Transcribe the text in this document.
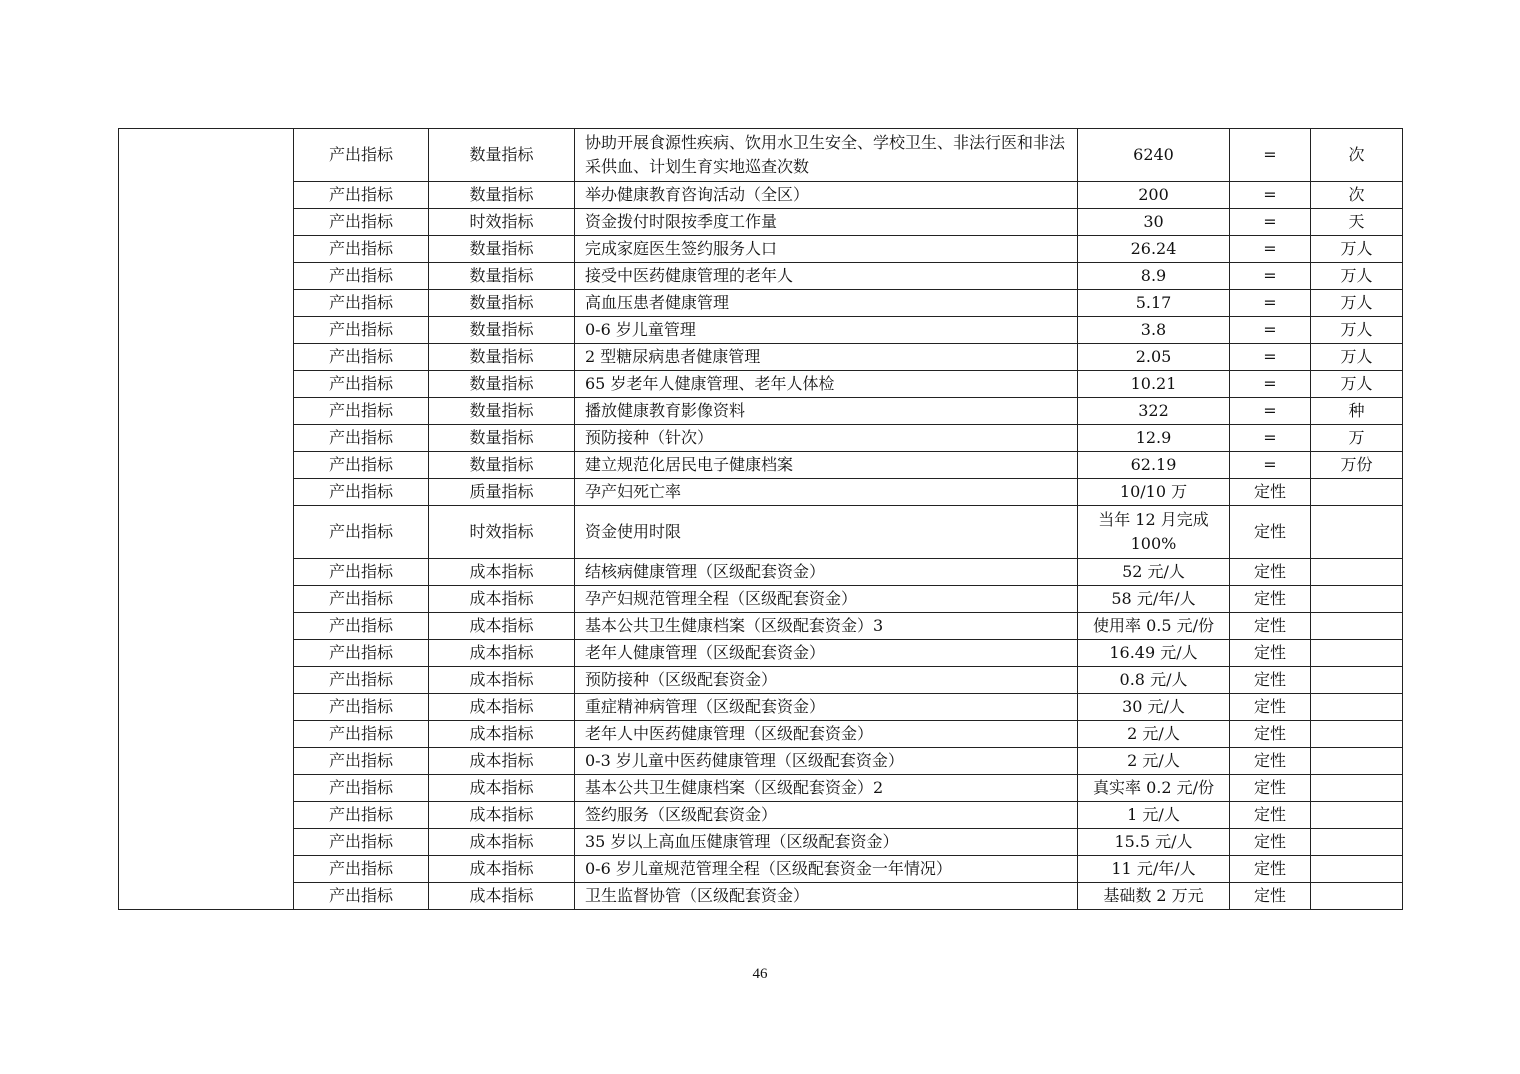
	产出指标	数量指标	协助开展食源性疾病、饮用水卫生安全、学校卫生、非法行医和非法采供血、计划生育实地巡查次数	6240	=	次
	产出指标	数量指标	举办健康教育咨询活动（全区）	200	=	次
	产出指标	时效指标	资金拨付时限按季度工作量	30	=	天
	产出指标	数量指标	完成家庭医生签约服务人口	26.24	=	万人
	产出指标	数量指标	接受中医药健康管理的老年人	8.9	=	万人
	产出指标	数量指标	高血压患者健康管理	5.17	=	万人
	产出指标	数量指标	0-6 岁儿童管理	3.8	=	万人
	产出指标	数量指标	2 型糖尿病患者健康管理	2.05	=	万人
	产出指标	数量指标	65 岁老年人健康管理、老年人体检	10.21	=	万人
	产出指标	数量指标	播放健康教育影像资料	322	=	种
	产出指标	数量指标	预防接种（针次）	12.9	=	万
	产出指标	数量指标	建立规范化居民电子健康档案	62.19	=	万份
	产出指标	质量指标	孕产妇死亡率	10/10 万	定性	
	产出指标	时效指标	资金使用时限	当年 12 月完成 100%	定性	
	产出指标	成本指标	结核病健康管理（区级配套资金）	52 元/人	定性	
	产出指标	成本指标	孕产妇规范管理全程（区级配套资金）	58 元/年/人	定性	
	产出指标	成本指标	基本公共卫生健康档案（区级配套资金）3	使用率 0.5 元/份	定性	
	产出指标	成本指标	老年人健康管理（区级配套资金）	16.49 元/人	定性	
	产出指标	成本指标	预防接种（区级配套资金）	0.8 元/人	定性	
	产出指标	成本指标	重症精神病管理（区级配套资金）	30 元/人	定性	
	产出指标	成本指标	老年人中医药健康管理（区级配套资金）	2 元/人	定性	
	产出指标	成本指标	0-3 岁儿童中医药健康管理（区级配套资金）	2 元/人	定性	
	产出指标	成本指标	基本公共卫生健康档案（区级配套资金）2	真实率 0.2 元/份	定性	
	产出指标	成本指标	签约服务（区级配套资金）	1 元/人	定性	
	产出指标	成本指标	35 岁以上高血压健康管理（区级配套资金）	15.5 元/人	定性	
	产出指标	成本指标	0-6 岁儿童规范管理全程（区级配套资金一年情况）	11 元/年/人	定性	
	产出指标	成本指标	卫生监督协管（区级配套资金）	基础数 2 万元	定性	
46
